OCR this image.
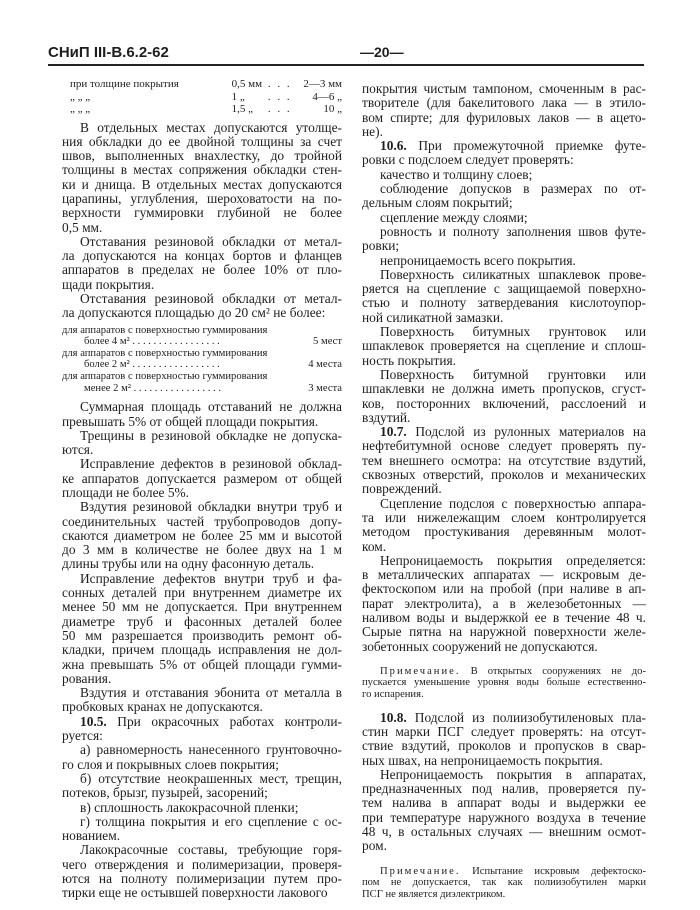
СНиП III-В.6.2-62	—20—
при толщине покрытия	0,5 мм . . .	2—3 мм
„ „ „	1 „	. . .	4—6 „
„ „ „	1,5 „	. . .	10 „
В отдельных местах допускаются утолще-
ния обкладки до ее двойной толщины за счет
швов, выполненных внахлестку, до тройной
толщины в местах сопряжения обкладки стен-
ки и днища. В отдельных местах допускаются
царапины, углубления, шероховатости на по-
верхности гуммировки глубиной не более
0,5 мм.
Отставания резиновой обкладки от метал-
ла допускаются на концах бортов и фланцев
аппаратов в пределах не более 10% от пло-
щади покрытия.
Отставания резиновой обкладки от метал-
ла допускаются площадью до 20 см² не более:
для аппаратов с поверхностью гуммирования
более 4 м² . . . . . . . . . . . . . . . . .	5 мест
для аппаратов с поверхностью гуммирования
более 2 м² . . . . . . . . . . . . . . . . .	4 места
для аппаратов с поверхностью гуммирования
менее 2 м² . . . . . . . . . . . . . . . . .	3 места
Суммарная площадь отставаний не должна
превышать 5% от общей площади покрытия.
Трещины в резиновой обкладке не допуска-
ются.
Исправление дефектов в резиновой обклад-
ке аппаратов допускается размером от общей
площади не более 5%.
Вздутия резиновой обкладки внутри труб и
соединительных частей трубопроводов допу-
скаются диаметром не более 25 мм и высотой
до 3 мм в количестве не более двух на 1 м
длины трубы или на одну фасонную деталь.
Исправление дефектов внутри труб и фа-
сонных деталей при внутреннем диаметре их
менее 50 мм не допускается. При внутреннем
диаметре труб и фасонных деталей более
50 мм разрешается производить ремонт об-
кладки, причем площадь исправления не дол-
жна превышать 5% от общей площади гумми-
рования.
Вздутия и отставания эбонита от металла в
пробковых кранах не допускаются.
10.5. При окрасочных работах контроли-
руется:
а) равномерность нанесенного грунтовочно-
го слоя и покрывных слоев покрытия;
б) отсутствие неокрашенных мест, трещин,
потеков, брызг, пузырей, засорений;
в) сплошность лакокрасочной пленки;
г) толщина покрытия и его сцепление с ос-
нованием.
Лакокрасочные составы, требующие горя-
чего отверждения и полимеризации, проверя-
ются на полноту полимеризации путем про-
тирки еще не остывшей поверхности лакового
покрытия чистым тампоном, смоченным в рас-
творителе (для бакелитового лака — в этило-
вом спирте; для фуриловых лаков — в ацето-
не).
10.6. При промежуточной приемке футе-
ровки с подслоем следует проверять:
качество и толщину слоев;
соблюдение допусков в размерах по от-
дельным слоям покрытий;
сцепление между слоями;
ровность и полноту заполнения швов футе-
ровки;
непроницаемость всего покрытия.
Поверхность силикатных шпаклевок прове-
ряется на сцепление с защищаемой поверхно-
стью и полноту затвердевания кислотоупор-
ной силикатной замазки.
Поверхность битумных грунтовок или
шпаклевок проверяется на сцепление и сплош-
ность покрытия.
Поверхность битумной грунтовки или
шпаклевки не должна иметь пропусков, сгуст-
ков, посторонних включений, расслоений и
вздутий.
10.7. Подслой из рулонных материалов на
нефтебитумной основе следует проверять пу-
тем внешнего осмотра: на отсутствие вздутий,
сквозных отверстий, проколов и механических
повреждений.
Сцепление подслоя с поверхностью аппара-
та или нижележащим слоем контролируется
методом простукивания деревянным молот-
ком.
Непроницаемость покрытия определяется:
в металлических аппаратах — искровым де-
фектоскопом или на пробой (при наливе в ап-
парат электролита), а в железобетонных —
наливом воды и выдержкой ее в течение 48 ч.
Сырые пятна на наружной поверхности желе-
зобетонных сооружений не допускаются.
Примечание. В открытых сооружениях не до-
пускается уменьшение уровня воды больше естественно-
го испарения.
10.8. Подслой из полиизобутиленовых пла-
стин марки ПСГ следует проверять: на отсут-
ствие вздутий, проколов и пропусков в свар-
ных швах, на непроницаемость покрытия.
Непроницаемость покрытия в аппаратах,
предназначенных под налив, проверяется пу-
тем налива в аппарат воды и выдержки ее
при температуре наружного воздуха в течение
48 ч, в остальных случаях — внешним осмот-
ром.
Примечание. Испытание искровым дефектоско-
пом не допускается, так как полиизобутилен марки
ПСГ не является диэлектриком.
